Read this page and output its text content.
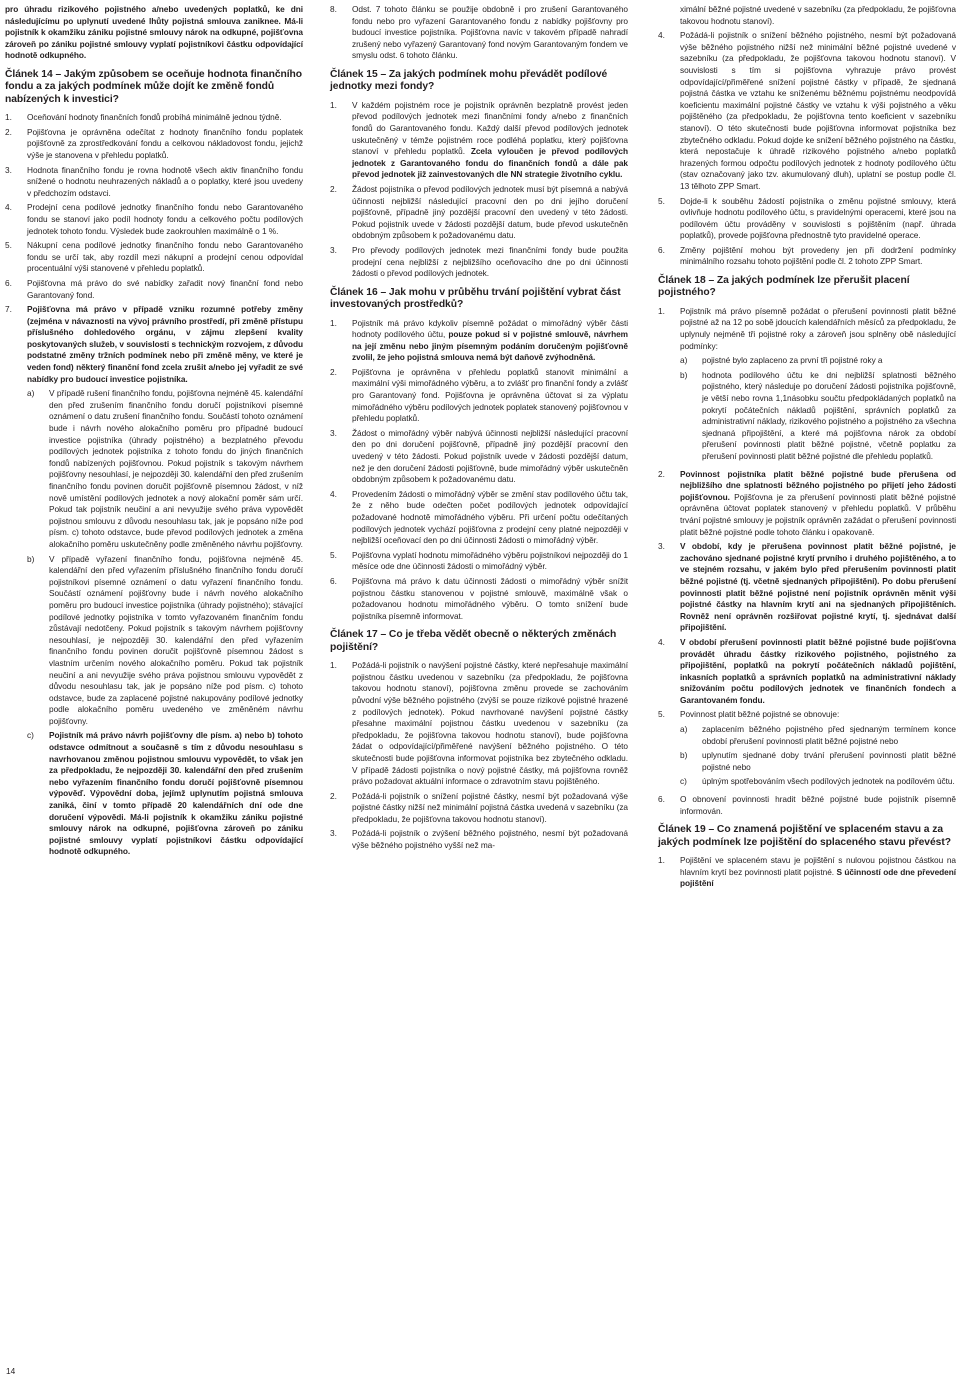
pro úhradu rizikového pojistného a/nebo uvedených poplatků, ke dni následujícímu po uplynutí uvedené lhůty pojistná smlouva zaniknee. Má-li pojistník k okamžiku zániku pojistné smlouvy nárok na odkupné, pojišťovna zároveň po zániku pojistné smlouvy vyplatí pojistníkovi částku odpovídající hodnotě odkupného.

Článek 14 – Jakým způsobem se oceňuje hodnota finančního fondu a za jakých podmínek může dojít ke změně fondů nabízených k investici?
1.	Oceňování hodnoty finančních fondů probíhá minimálně jednou týdně.
2.	Pojišťovna je oprávněna odečítat z hodnoty finančního fondu poplatek pojišťovně za zprostředkování fondu a celkovou nákladovost fondu, jejichž výše je stanovena v přehledu poplatků.
3.	Hodnota finančního fondu je rovna hodnotě všech aktiv finančního fondu snížené o hodnotu neuhrazených nákladů a o poplatky, které jsou uvedeny v předchozím odstavci.
4.	Prodejní cena podílové jednotky finančního fondu nebo Garantovaného fondu se stanoví jako podíl hodnoty fondu a celkového počtu podílových jednotek tohoto fondu. Výsledek bude zaokrouhlen maximálně o 1 %.
5.	Nákupní cena podílové jednotky finančního fondu nebo Garantovaného fondu se určí tak, aby rozdíl mezi nákupní a prodejní cenou odpovídal procentuální výši stanovené v přehledu poplatků.
6.	Pojišťovna má právo do své nabídky zařadit nový finanční fond nebo Garantovaný fond.
7.	Pojišťovna má právo v případě vzniku rozumné potřeby změny (zejména v návaznosti na vývoj právního prostředí, při změně přístupu příslušného dohledového orgánu, v zájmu zlepšení kvality poskytovaných služeb, v souvislosti s technickým rozvojem, z důvodu podstatné změny tržních podmínek nebo při změně měny, ve které je veden fond) některý finanční fond zcela zrušit a/nebo jej vyřadit ze své nabídky pro budoucí investice pojistníka.
a)	V případě rušení finančního fondu, pojišťovna nejméně 45. kalendářní den před zrušením finančního fondu doručí pojistníkovi písemné oznámení o datu zrušení finančního fondu. Součástí tohoto oznámení bude i návrh nového alokačního poměru pro případné budoucí investice pojistníka (úhrady pojistného) a bezplatného převodu podílových jednotek pojistníka z tohoto fondu do jiných finančních fondů nabízených pojišťovnou. Pokud pojistník s takovým návrhem pojišťovny nesouhlasí, je nejpozději 30. kalendářní den před zrušením finančního fondu povinen doručit pojišťovně písemnou žádost, v níž nově umístění podílových jednotek a nový alokační poměr sám určí. Pokud tak pojistník neučiní a ani nevyužije svého práva vypovědět pojistnou smlouvu z důvodu nesouhlasu tak, jak je popsáno níže pod písm. c) tohoto odstavce, bude převod podílových jednotek a změna alokačního poměru uskutečněny podle změněného návrhu pojišťovny.
b)	V případě vyřazení finančního fondu, pojišťovna nejméně 45. kalendářní den před vyřazením příslušného finančního fondu doručí pojistníkovi písemné oznámení o datu vyřazení finančního fondu. Součástí oznámení pojišťovny bude i návrh nového alokačního poměru pro budoucí investice pojistníka (úhrady pojistného); stávající podílové jednotky pojistníka v tomto vyřazovaném finančním fondu zůstávají nedotčeny. Pokud pojistník s takovým návrhem pojišťovny nesouhlasí, je nejpozději 30. kalendářní den před vyřazením finančního fondu povinen doručit pojišťovně písemnou žádost s vlastním určením nového alokačního poměru. Pokud tak pojistník neučiní a ani nevyužije svého práva pojistnou smlouvu vypovědět z důvodu nesouhlasu tak, jak je popsáno níže pod písm. c) tohoto odstavce, bude za zaplacené pojistné nakupovány podílové jednotky podle alokačního poměru uvedeného ve změněném návrhu pojišťovny.
c)	Pojistník má právo návrh pojišťovny dle písm. a) nebo b) tohoto odstavce odmítnout a současně s tím z důvodu nesouhlasu s navrhovanou změnou pojistnou smlouvu vypovědět, to však jen za předpokladu, že nejpozději 30. kalendářní den před zrušením nebo vyřazením finančního fondu doručí pojišťovně písemnou výpověď. Výpovědní doba, jejímž uplynutím pojistná smlouva zaniká, činí v tomto případě 20 kalendářních dní ode dne doručení výpovědi. Má-li pojistník k okamžiku zániku pojistné smlouvy nárok na odkupné, pojišťovna zároveň po zániku pojistné smlouvy vyplatí pojistníkovi částku odpovídající hodnotě odkupného.
8.	Odst. 7 tohoto článku se použije obdobně i pro zrušení Garantovaného fondu nebo pro vyřazení Garantovaného fondu z nabídky pojišťovny pro budoucí investice pojistníka. Pojišťovna navíc v takovém případě nahradí zrušený nebo vyřazený Garantovaný fond novým Garantovaným fondem ve smyslu odst. 6 tohoto článku.
Článek 15 – Za jakých podmínek mohu převádět podílové jednotky mezi fondy?
1.	V každém pojistném roce je pojistník oprávněn bezplatně provést jeden převod podílových jednotek mezi finančními fondy a/nebo z finančních fondů do Garantovaného fondu. Každý další převod podílových jednotek uskutečněný v témže pojistném roce podléhá poplatku, který pojišťovna stanoví v přehledu poplatků. Zcela vyloučen je převod podílových jednotek z Garantovaného fondu do finančních fondů a dále pak převod jednotek již zainvestovaných dle NN strategie životního cyklu.
2.	Žádost pojistníka o převod podílových jednotek musí být písemná a nabývá účinnosti nejbližší následující pracovní den po dni jejího doručení pojišťovně, případně jiný pozdější pracovní den uvedený v této žádosti. Pokud pojistník uvede v žádosti pozdější datum, bude převod uskutečněn obdobným způsobem k požadovanému datu.
3.	Pro převody podílových jednotek mezi finančními fondy bude použita prodejní cena nejbližší z nejbližšího oceňovacího dne po dni účinnosti žádosti o převod podílových jednotek.
Článek 16 – Jak mohu v průběhu trvání pojištění vybrat část investovaných prostředků?
1.	Pojistník má právo kdykoliv písemně požádat o mimořádný výběr části hodnoty podílového účtu, pouze pokud si v pojistné smlouvě, návrhem na její změnu nebo jiným písemným podáním doručeným pojišťovně zvolil, že jeho pojistná smlouva nemá být daňově zvýhodněná.
2.	Pojišťovna je oprávněna v přehledu poplatků stanovit minimální a maximální výši mimořádného výběru, a to zvlášť pro finanční fondy a zvlášť pro Garantovaný fond. Pojišťovna je oprávněna účtovat si za výplatu mimořádného výběru podílových jednotek poplatek stanovený pojišťovnou v přehledu poplatků.
3.	Žádost o mimořádný výběr nabývá účinnosti nejbližší následující pracovní den po dni doručení pojišťovně, případně jiný pozdější pracovní den uvedený v této žádosti. Pokud pojistník uvede v žádosti pozdější datum, než je den doručení žádosti pojišťovně, bude mimořádný výběr uskutečněn obdobným způsobem k požadovanému datu.
4.	Provedením žádosti o mimořádný výběr se změní stav podílového účtu tak, že z něho bude odečten počet podílových jednotek odpovídající požadované hodnotě mimořádného výběru. Při určení počtu odečítaných podílových jednotek vychází pojišťovna z prodejní ceny platné nejpozději v nejbližší oceňovací den po dni účinnosti žádosti o mimořádný výběr.
5.	Pojišťovna vyplatí hodnotu mimořádného výběru pojistníkovi nejpozději do 1 měsíce ode dne účinnosti žádosti o mimořádný výběr.
6.	Pojišťovna má právo k datu účinnosti žádosti o mimořádný výběr snížit pojistnou částku stanovenou v pojistné smlouvě, maximálně však o požadovanou hodnotu mimořádného výběru. O tomto snížení bude pojistníka písemně informovat.
Článek 17 – Co je třeba vědět obecně o některých změnách pojištění?
1.	Požádá-li pojistník o navýšení pojistné částky, které nepřesahuje maximální pojistnou částku uvedenou v sazebníku (za předpokladu, že pojišťovna takovou hodnotu stanoví), pojišťovna změnu provede se zachováním původní výše běžného pojistného (zvýší se pouze rizikové pojistné hrazené z podílových jednotek). Pokud navrhované navýšení pojistné částky přesahne maximální pojistnou částku uvedenou v sazebníku (za předpokladu, že pojišťovna takovou hodnotu stanoví), bude pojišťovna žádat o odpovídající/přiměřené navýšení běžného pojistného. O této skutečnosti bude pojišťovna informovat pojistníka bez zbytečného odkladu. V případě žádosti pojistníka o nový pojistné částky, má pojišťovna rovněž právo požadovat aktuální informace o zdravotním stavu pojištěného.
2.	Požádá-li pojistník o snížení pojistné částky, nesmí být požadovaná výše pojistné částky nižší než minimální pojistná částka uvedená v sazebníku (za předpokladu, že pojišťovna takovou hodnotu stanoví).
3.	Požádá-li pojistník o zvýšení běžného pojistného, nesmí být požadovaná výše běžného pojistného vyšší než ma-
ximální běžné pojistné uvedené v sazebníku (za předpokladu, že pojišťovna takovou hodnotu stanoví).
4.	Požádá-li pojistník o snížení běžného pojistného, nesmí být požadovaná výše běžného pojistného nižší než minimální běžné pojistné uvedené v sazebníku (za předpokladu, že pojišťovna takovou hodnotu stanoví). V souvislosti s tím si pojišťovna vyhrazuje právo provést odpovídající/přiměřené snížení pojistné částky v případě, že sjednaná pojistná částka ve vztahu ke sníženému běžnému pojistnému neodpovídá koeficientu maximální pojistné částky ve vztahu k výši pojistného a věku pojištěného (za předpokladu, že pojišťovna tento koeficient v sazebníku stanoví). O této skutečnosti bude pojišťovna informovat pojistníka bez zbytečného odkladu. Pokud dojde ke snížení běžného pojistného na částku, která nepostačuje k úhradě rizikového pojistného a/nebo poplatků hrazených formou odpočtu podílových jednotek z hodnoty podílového účtu (stav označovaný jako tzv. akumulovaný dluh), uplatní se postup podle čl. 13 tělhoto ZPP Smart.
5.	Dojde-li k souběhu žádostí pojistníka o změnu pojistné smlouvy, která ovlivňuje hodnotu podílového účtu, s pravidelnými operacemi, které jsou na podílovém účtu prováděny v souvislosti s pojištěním (např. úhrada poplatků), provede pojišťovna přednostně tyto pravidelné operace.
6.	Změny pojištění mohou být provedeny jen při dodržení podmínky minimálního rozsahu tohoto pojištění podle čl. 2 tohoto ZPP Smart.
Článek 18 – Za jakých podmínek lze přerušit placení pojistného?
1.	Pojistník má právo písemně požádat o přerušení povinnosti platit běžné pojistné až na 12 po sobě jdoucích kalendářních měsíců za předpokladu, že uplynuly nejméně tři pojistné roky a zároveň jsou splněny obě následující podmínky:
a)	pojistné bylo zaplaceno za první tři pojistné roky a
b)	hodnota podílového účtu ke dni nejbližší splatnosti běžného pojistného, který následuje po doručení žádosti pojistníka pojišťovně, je větší nebo rovna 1,1násobku součtu předpokládaných poplatků na pokrytí počátečních nákladů pojištění, správních poplatků za administrativní náklady, rizikového pojistného a pojistného za všechna sjednaná připojištění, a které má pojišťovna nárok za období přerušení povinnosti platit běžné pojistné, včetně poplatku za přerušení povinnosti platit běžné pojistné dle přehledu poplatků.
2.	Povinnost pojistníka platit běžné pojistné bude přerušena od nejbližšího dne splatnosti běžného pojistného po přijetí jeho žádosti pojišťovnou. Pojišťovna je za přerušení povinnosti platit běžné pojistné oprávněna účtovat poplatek stanovený v přehledu poplatků. V průběhu trvání pojistné smlouvy je pojistník oprávněn zažádat o přerušení povinnosti platit běžné pojistné podle tohoto článku i opakovaně.
3.	V období, kdy je přerušena povinnost platit běžné pojistné, je zachováno sjednané pojistné krytí prvního i druhého pojištěného, a to ve stejném rozsahu, v jakém bylo před přerušením povinnosti platit běžné pojistné (tj. včetně sjednaných připojištění). Po dobu přerušení povinnosti platit běžné pojistné není pojistník oprávněn měnit výši pojistné částky na hlavním krytí ani na sjednaných připojištěních. Rovněž není oprávněn rozšiřovat pojistné krytí, tj. sjednávat další připojištění.
4.	V období přerušení povinnosti platit běžné pojistné bude pojišťovna provádět úhradu částky rizikového pojistného, pojistného za připojištění, poplatků na pokrytí počátečních nákladů pojištění, inkasních poplatků a správních poplatků na administrativní náklady snižováním počtu podílových jednotek ve finančních fondech a Garantovaném fondu.
5.	Povinnost platit běžné pojistné se obnovuje:
a)	zaplacením běžného pojistného před sjednaným termínem konce období přerušení povinnosti platit běžné pojistné nebo
b)	uplynutím sjednané doby trvání přerušení povinnosti platit běžné pojistné nebo
c)	úplným spotřebováním všech podílových jednotek na podílovém účtu.
6.	O obnovení povinnosti hradit běžné pojistné bude pojistník písemně informován.
Článek 19 – Co znamená pojištění ve splaceném stavu a za jakých podmínek lze pojištění do splaceného stavu převést?
1.	Pojištění ve splaceném stavu je pojištění s nulovou pojistnou částkou na hlavním krytí bez povinnosti platit pojistné. S účinností ode dne převedení pojištění
14
